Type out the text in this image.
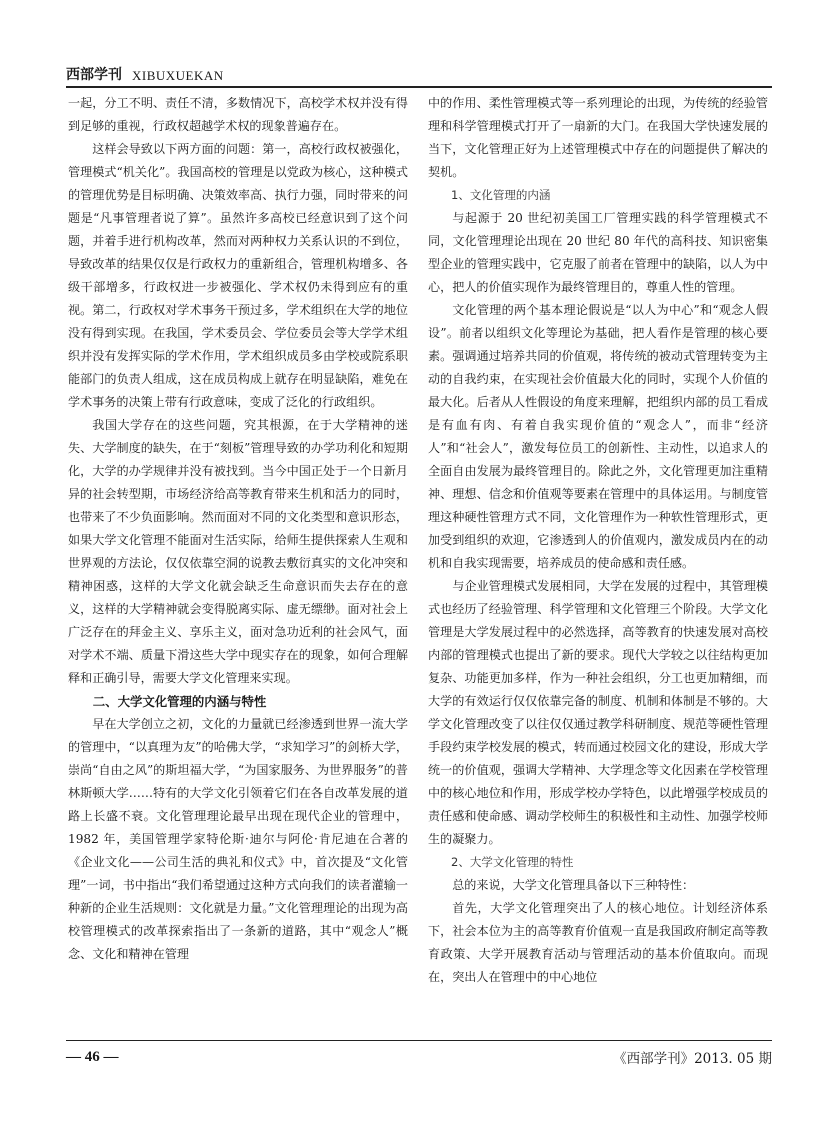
西部学刊 XIBUXUEKAN

一起，分工不明、责任不清，多数情况下，高校学术权并没有得到足够的重视，行政权超越学术权的现象普遍存在。

这样会导致以下两方面的问题：第一，高校行政权被强化，管理模式“机关化”。我国高校的管理是以党政为核心，这种模式的管理优势是目标明确、决策效率高、执行力强，同时带来的问题是“凡事管理者说了算”。虽然许多高校已经意识到了这个问题，并着手进行机构改革，然而对两种权力关系认识的不到位，导致改革的结果仅仅是行政权力的重新组合，管理机构增多、各级干部增多，行政权进一步被强化、学术权仍未得到应有的重视。第二，行政权对学术事务干预过多，学术组织在大学的地位没有得到实现。在我国，学术委员会、学位委员会等大学学术组织并没有发挥实际的学术作用，学术组织成员多由学校或院系职能部门的负责人组成，这在成员构成上就存在明显缺陷，难免在学术事务的决策上带有行政意味，变成了泛化的行政组织。

我国大学存在的这些问题，究其根源，在于大学精神的迷失、大学制度的缺失，在于“刻板”管理导致的办学功利化和短期化，大学的办学规律并没有被找到。当今中国正处于一个日新月异的社会转型期，市场经济给高等教育带来生机和活力的同时，也带来了不少负面影响。然而面对不同的文化类型和意识形态，如果大学文化管理不能面对生活实际，给师生提供探索人生观和世界观的方法论，仅仅依靠空洞的说教去敷衍真实的文化冲突和精神困惑，这样的大学文化就会缺乏生命意识而失去存在的意义，这样的大学精神就会变得脱离实际、虚无缥缈。面对社会上广泛存在的拜金主义、享乐主义，面对急功近利的社会风气，面对学术不端、质量下滑这些大学中现实存在的现象，如何合理解释和正确引导，需要大学文化管理来实现。

二、大学文化管理的内涵与特性

早在大学创立之初，文化的力量就已经渗透到世界一流大学的管理中，“以真理为友”的哈佛大学，“求知学习”的剑桥大学，崇尚“自由之风”的斯坦福大学，“为国家服务、为世界服务”的普林斯顿大学……特有的大学文化引领着它们在各自改革发展的道路上长盛不衰。文化管理理论最早出现在现代企业的管理中，1982 年，美国管理学家特伦斯·迪尔与阿伦·肯尼迪在合著的《企业文化——公司生活的典礼和仪式》中，首次提及“文化管理”一词，书中指出“我们希望通过这种方式向我们的读者灌输一种新的企业生活规则：文化就是力量。”文化管理理论的出现为高校管理模式的改革探索指出了一条新的道路，其中“观念人”概念、文化和精神在管理

中的作用、柔性管理模式等一系列理论的出现，为传统的经验管理和科学管理模式打开了一扇新的大门。在我国大学快速发展的当下，文化管理正好为上述管理模式中存在的问题提供了解决的契机。

1、文化管理的内涵

与起源于 20 世纪初美国工厂管理实践的科学管理模式不同，文化管理理论出现在 20 世纪 80 年代的高科技、知识密集型企业的管理实践中，它克服了前者在管理中的缺陷，以人为中心，把人的价值实现作为最终管理目的，尊重人性的管理。

文化管理的两个基本理论假说是“以人为中心”和“观念人假设”。前者以组织文化等理论为基础，把人看作是管理的核心要素。强调通过培养共同的价值观，将传统的被动式管理转变为主动的自我约束，在实现社会价值最大化的同时，实现个人价值的最大化。后者从人性假设的角度来理解，把组织内部的员工看成是有血有肉、有着自我实现价值的“观念人”，而非“经济人”和“社会人”，激发每位员工的创新性、主动性，以追求人的全面自由发展为最终管理目的。除此之外，文化管理更加注重精神、理想、信念和价值观等要素在管理中的具体运用。与制度管理这种硬性管理方式不同，文化管理作为一种软性管理形式，更加受到组织的欢迎，它渗透到人的价值观内，激发成员内在的动机和自我实现需要，培养成员的使命感和责任感。

与企业管理模式发展相同，大学在发展的过程中，其管理模式也经历了经验管理、科学管理和文化管理三个阶段。大学文化管理是大学发展过程中的必然选择，高等教育的快速发展对高校内部的管理模式也提出了新的要求。现代大学较之以往结构更加复杂、功能更加多样，作为一种社会组织，分工也更加精细，而大学的有效运行仅仅依靠完备的制度、机制和体制是不够的。大学文化管理改变了以往仅仅通过教学科研制度、规范等硬性管理手段约束学校发展的模式，转而通过校园文化的建设，形成大学统一的价值观，强调大学精神、大学理念等文化因素在学校管理中的核心地位和作用，形成学校办学特色，以此增强学校成员的责任感和使命感、调动学校师生的积极性和主动性、加强学校师生的凝聚力。

2、大学文化管理的特性

总的来说，大学文化管理具备以下三种特性：

首先，大学文化管理突出了人的核心地位。计划经济体系下，社会本位为主的高等教育价值观一直是我国政府制定高等教育政策、大学开展教育活动与管理活动的基本价值取向。而现在，突出人在管理中的中心地位

— 46 —	《西部学刊》2013. 05 期
